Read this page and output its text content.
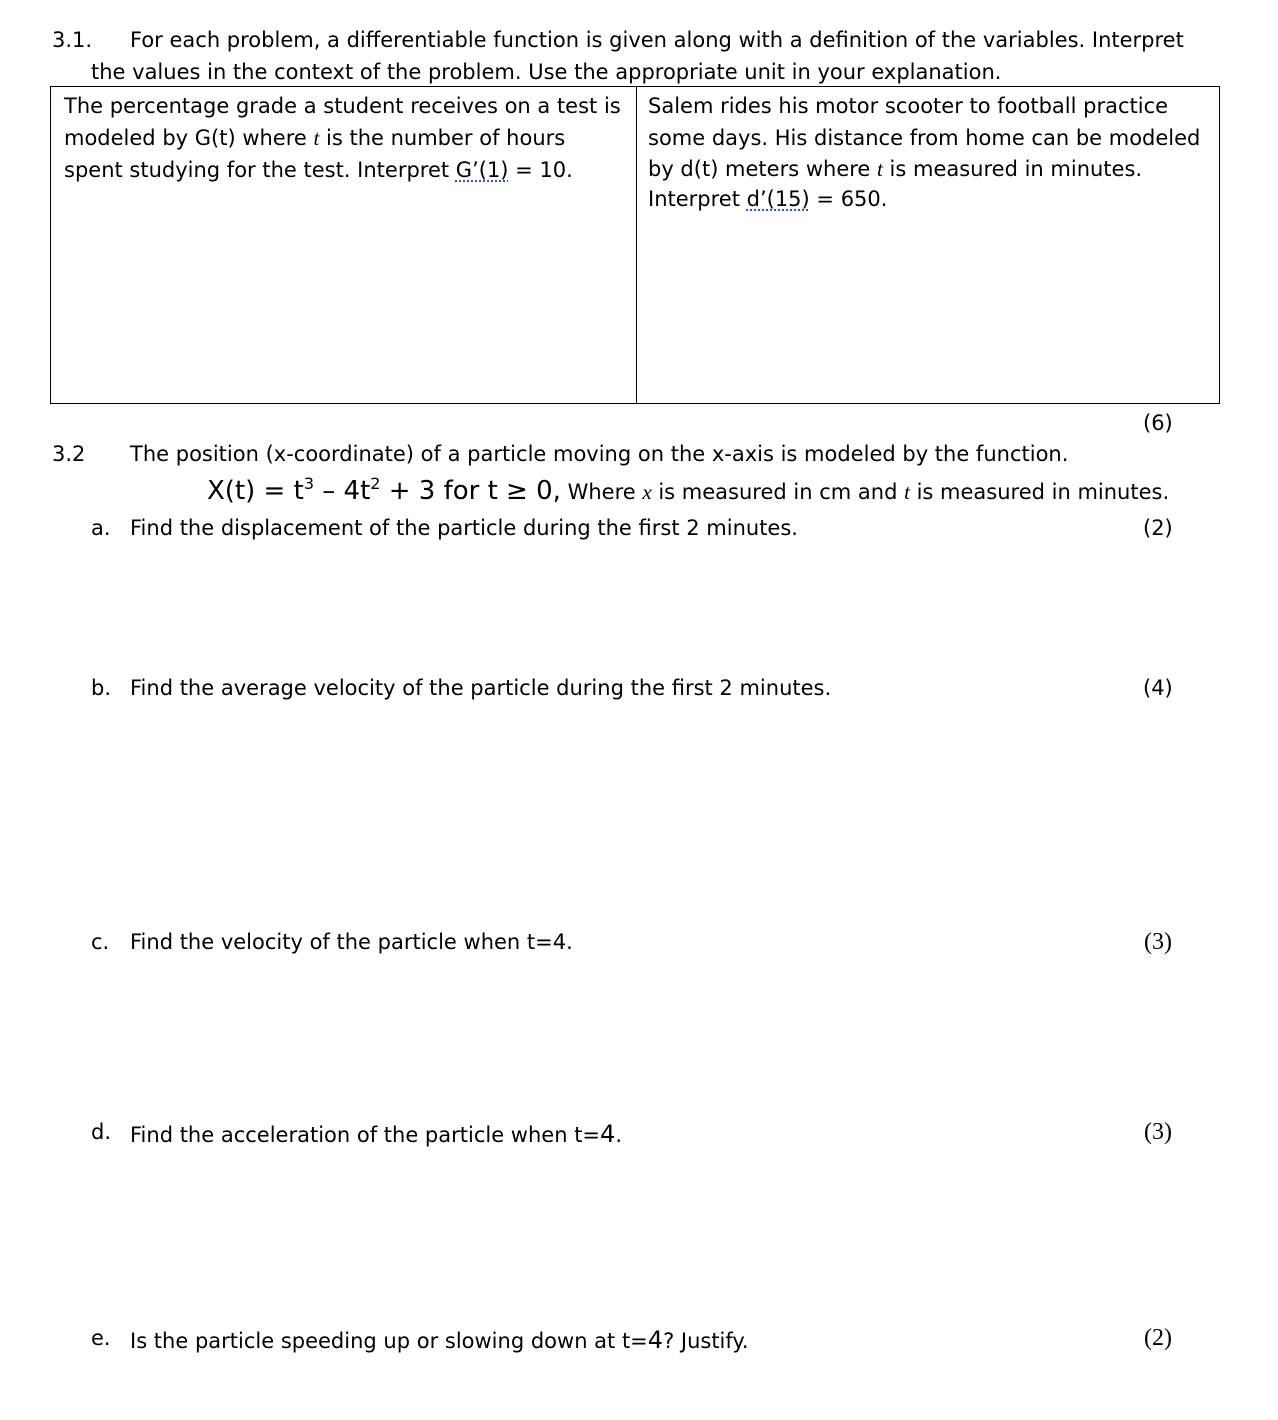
3.1. For each problem, a differentiable function is given along with a definition of the variables. Interpret
the values in the context of the problem. Use the appropriate unit in your explanation.
The percentage grade a student receives on a test is
modeled by G(t) where t is the number of hours
spent studying for the test. Interpret G’(1) = 10.
Salem rides his motor scooter to football practice
some days. His distance from home can be modeled
by d(t) meters where t is measured in minutes.
Interpret d’(15) = 650.
(6)
3.2 The position (x-coordinate) of a particle moving on the x-axis is modeled by the function.
$X(t) = t^3 - 4t^2 + 3$ for t ≥ 0, Where x is measured in cm and t is measured in minutes.
a. Find the displacement of the particle during the first 2 minutes.	(2)
b. Find the average velocity of the particle during the first 2 minutes.	(4)
c. Find the velocity of the particle when t=4.	(3)
d. Find the acceleration of the particle when t=4.	(3)
e. Is the particle speeding up or slowing down at t=4? Justify.	(2)
